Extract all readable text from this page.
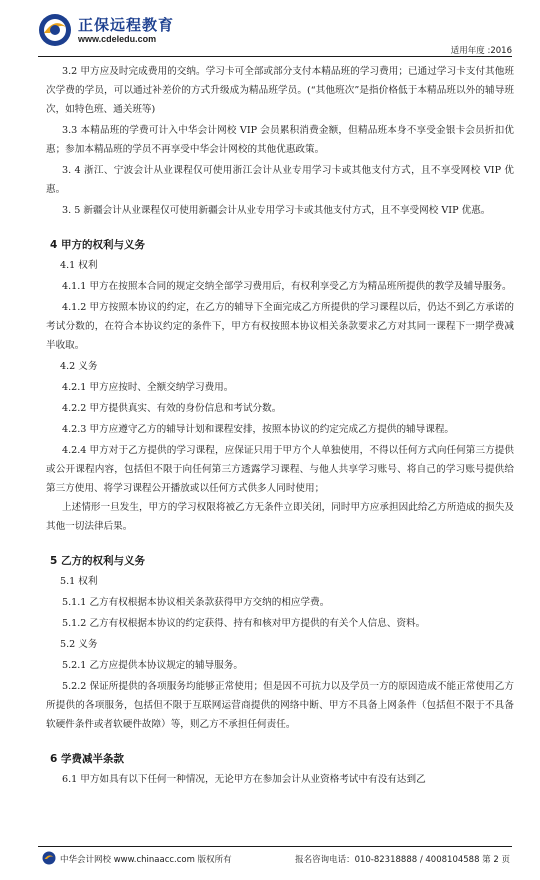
正保远程教育
www.cdeledu.com
适用年度 :2016

3.2 甲方应及时完成费用的交纳。学习卡可全部或部分支付本精品班的学习费用；已通过学习卡支付其他班次学费的学员，可以通过补差价的方式升级成为精品班学员。(“其他班次”是指价格低于本精品班以外的辅导班次，如特色班、通关班等)

3.3 本精品班的学费可计入中华会计网校 VIP 会员累积消费金额，但精品班本身不享受金银卡会员折扣优惠；参加本精品班的学员不再享受中华会计网校的其他优惠政策。

3. 4 浙江、宁波会计从业课程仅可使用浙江会计从业专用学习卡或其他支付方式，且不享受网校 VIP 优惠。

3. 5 新疆会计从业课程仅可使用新疆会计从业专用学习卡或其他支付方式，且不享受网校 VIP 优惠。

4 甲方的权利与义务
4.1 权利

4.1.1 甲方在按照本合同的规定交纳全部学习费用后，有权利享受乙方为精品班所提供的教学及辅导服务。

4.1.2 甲方按照本协议的约定，在乙方的辅导下全面完成乙方所提供的学习课程以后，仍达不到乙方承诺的考试分数的，在符合本协议约定的条件下，甲方有权按照本协议相关条款要求乙方对其同一课程下一期学费减半收取。

4.2 义务

4.2.1 甲方应按时、全额交纳学习费用。

4.2.2 甲方提供真实、有效的身份信息和考试分数。

4.2.3 甲方应遵守乙方的辅导计划和课程安排，按照本协议的约定完成乙方提供的辅导课程。

4.2.4 甲方对于乙方提供的学习课程，应保证只用于甲方个人单独使用，不得以任何方式向任何第三方提供或公开课程内容，包括但不限于向任何第三方透露学习课程、与他人共享学习账号、将自己的学习账号提供给第三方使用、将学习课程公开播放或以任何方式供多人同时使用；

上述情形一旦发生，甲方的学习权限将被乙方无条件立即关闭，同时甲方应承担因此给乙方所造成的损失及其他一切法律后果。

5 乙方的权利与义务
5.1 权利

5.1.1 乙方有权根据本协议相关条款获得甲方交纳的相应学费。

5.1.2 乙方有权根据本协议的约定获得、持有和核对甲方提供的有关个人信息、资料。

5.2 义务

5.2.1 乙方应提供本协议规定的辅导服务。

5.2.2 保证所提供的各项服务均能够正常使用；但是因不可抗力以及学员一方的原因造成不能正常使用乙方所提供的各项服务，包括但不限于互联网运营商提供的网络中断、甲方不具备上网条件（包括但不限于不具备软硬件条件或者软硬件故障）等，则乙方不承担任何责任。

6 学费减半条款

6.1 甲方如具有以下任何一种情况，无论甲方在参加会计从业资格考试中有没有达到乙

中华会计网校 www.chinaacc.com 版权所有	报名咨询电话：010-82318888 / 4008104588 第 2 页
